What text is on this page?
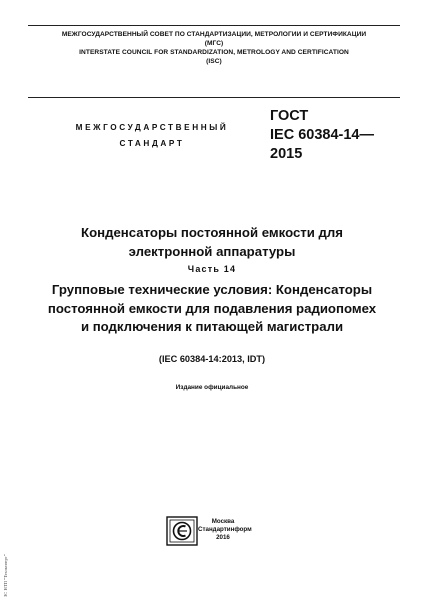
МЕЖГОСУДАРСТВЕННЫЙ СОВЕТ ПО СТАНДАРТИЗАЦИИ, МЕТРОЛОГИИ И СЕРТИФИКАЦИИ
(МГС)
INTERSTATE COUNCIL FOR STANDARDIZATION, METROLOGY AND CERTIFICATION
(ISC)
МЕЖГОСУДАРСТВЕННЫЙ
СТАНДАРТ
ГОСТ
IEC 60384-14—
2015
Конденсаторы постоянной емкости для
электронной аппаратуры
Часть 14
Групповые технические условия: Конденсаторы
постоянной емкости для подавления радиопомех
и подключения к питающей магистрали
(IEC 60384-14:2013, IDT)
Издание официальное
Москва
Стандартинформ
2016
ЗС НТП "Техэксперт"
